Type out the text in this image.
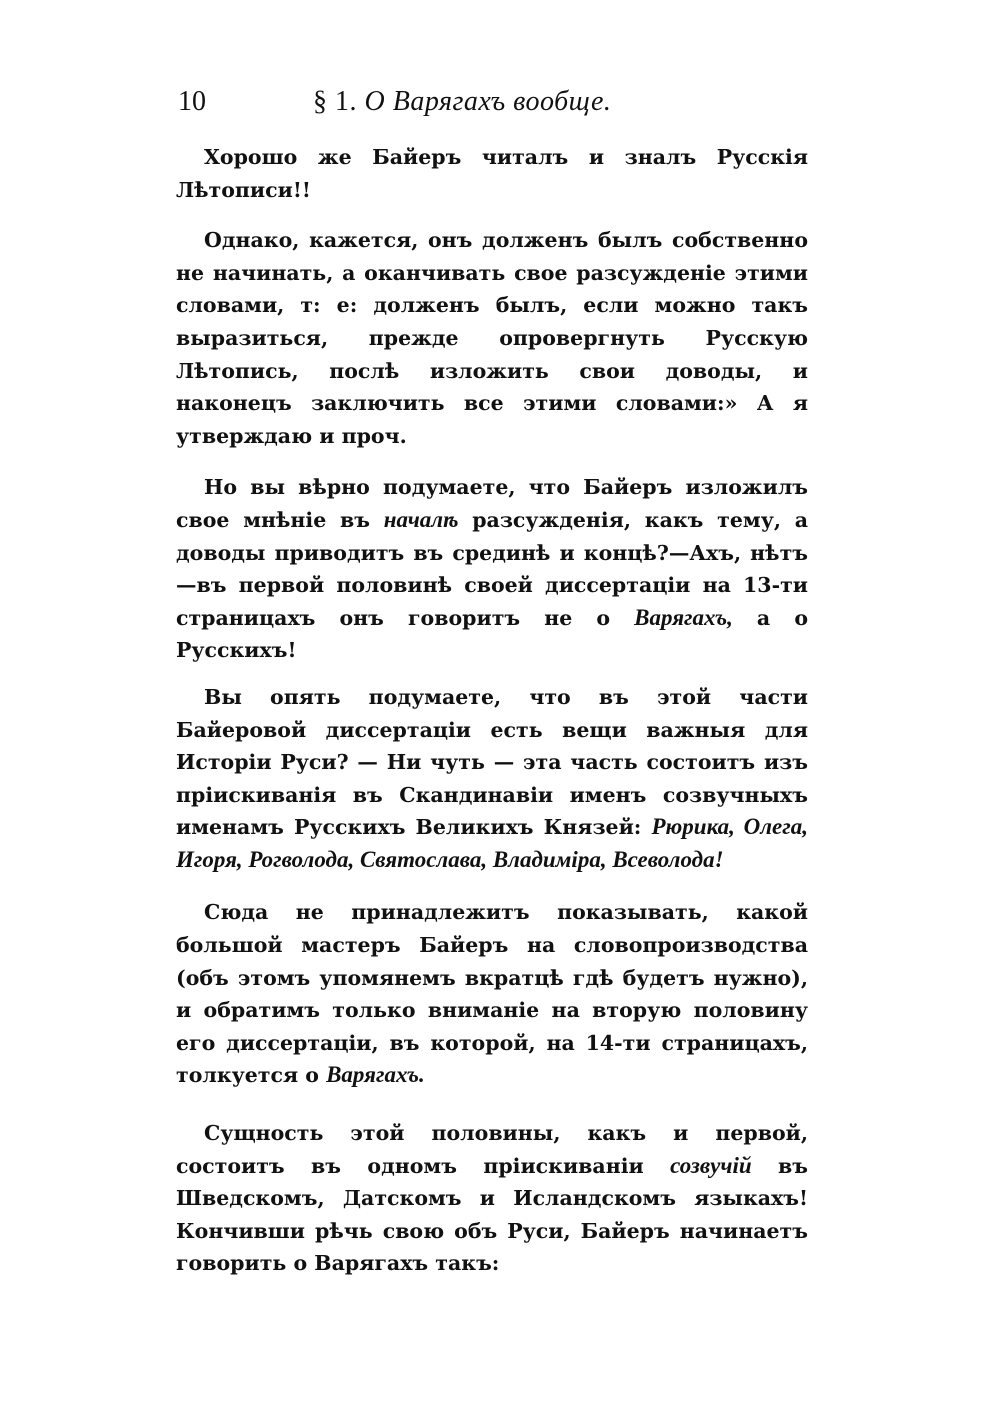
10	§ 1. О Варягахъ вообще.

Хорошо же Байеръ читалъ и зналъ Русскія Лѣтописи!!

Однако, кажется, онъ долженъ былъ собственно не начинать, а оканчивать свое разсужденіе этими словами, т: е: долженъ былъ, если можно такъ выразиться, прежде опровергнуть Русскую Лѣтопись, послѣ изложить свои доводы, и наконецъ заключить все этими словами:» А я утверждаю и проч.

Но вы вѣрно подумаете, что Байеръ изложилъ свое мнѣніе въ началѣ разсужденія, какъ тему, а доводы приводитъ въ срединѣ и концѣ?—Ахъ, нѣтъ—въ первой половинѣ своей диссертаціи на 13-ти страницахъ онъ говоритъ не о Варягахъ, а о Русскихъ!

Вы опять подумаете, что въ этой части Байеровой диссертаціи есть вещи важныя для Исторіи Руси? — Ни чуть — эта часть состоитъ изъ пріискиванія въ Скандинавіи именъ созвучныхъ именамъ Русскихъ Великихъ Князей: Рюрика, Олега, Игоря, Рогволода, Святослава, Владиміра, Всеволода!

Сюда не принадлежитъ показывать, какой большой мастеръ Байеръ на словопроизводства (объ этомъ упомянемъ вкратцѣ гдѣ будетъ нужно), и обратимъ только вниманіе на вторую половину его диссертаціи, въ которой, на 14-ти страницахъ, толкуется о Варягахъ.

Сущность этой половины, какъ и первой, состоитъ въ одномъ пріискиваніи созвучій въ Шведскомъ, Датскомъ и Исландскомъ языкахъ! Кончивши рѣчь свою объ Руси, Байеръ начинаетъ говорить о Варягахъ такъ:
